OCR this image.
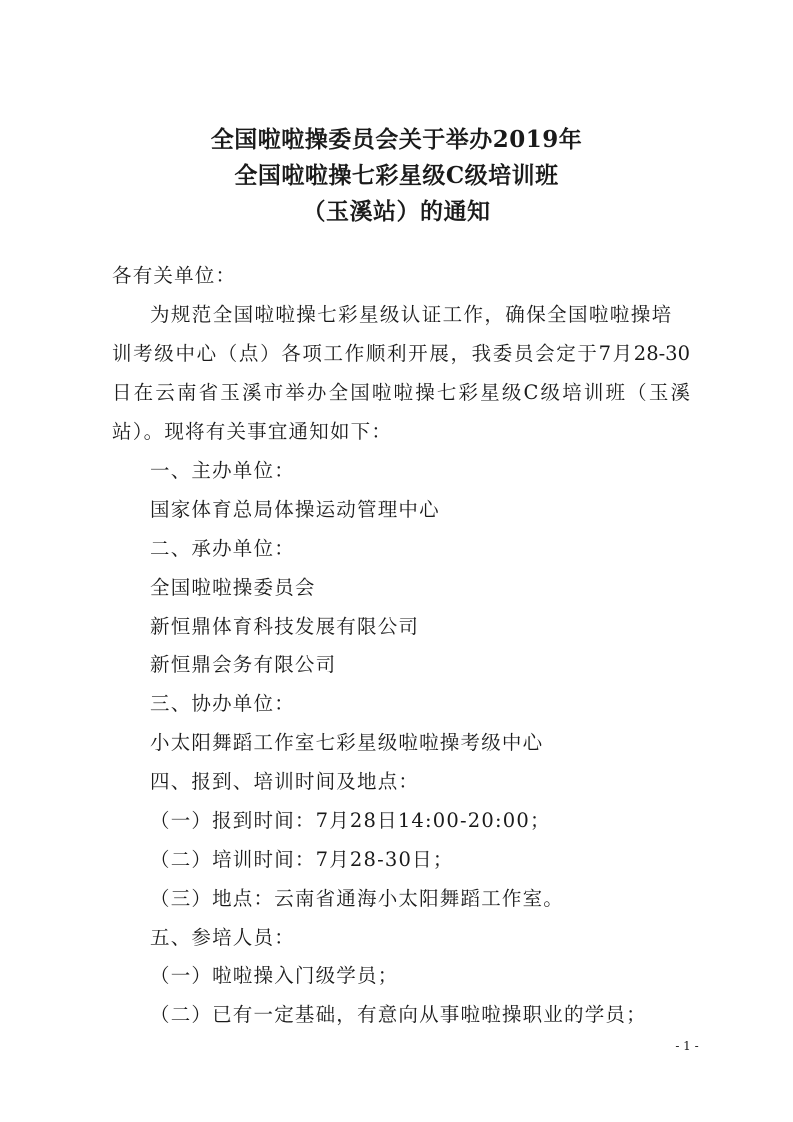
全国啦啦操委员会关于举办2019年
全国啦啦操七彩星级C级培训班
（玉溪站）的通知
各有关单位：
为规范全国啦啦操七彩星级认证工作，确保全国啦啦操培
训考级中心（点）各项工作顺利开展，我委员会定于7月28-30
日在云南省玉溪市举办全国啦啦操七彩星级C级培训班（玉溪
站）。现将有关事宜通知如下：
一、主办单位：
国家体育总局体操运动管理中心
二、承办单位：
全国啦啦操委员会
新恒鼎体育科技发展有限公司
新恒鼎会务有限公司
三、协办单位：
小太阳舞蹈工作室七彩星级啦啦操考级中心
四、报到、培训时间及地点：
（一）报到时间：7月28日14:00-20:00；
（二）培训时间：7月28-30日；
（三）地点：云南省通海小太阳舞蹈工作室。
五、参培人员：
（一）啦啦操入门级学员；
（二）已有一定基础，有意向从事啦啦操职业的学员；
- 1 -
